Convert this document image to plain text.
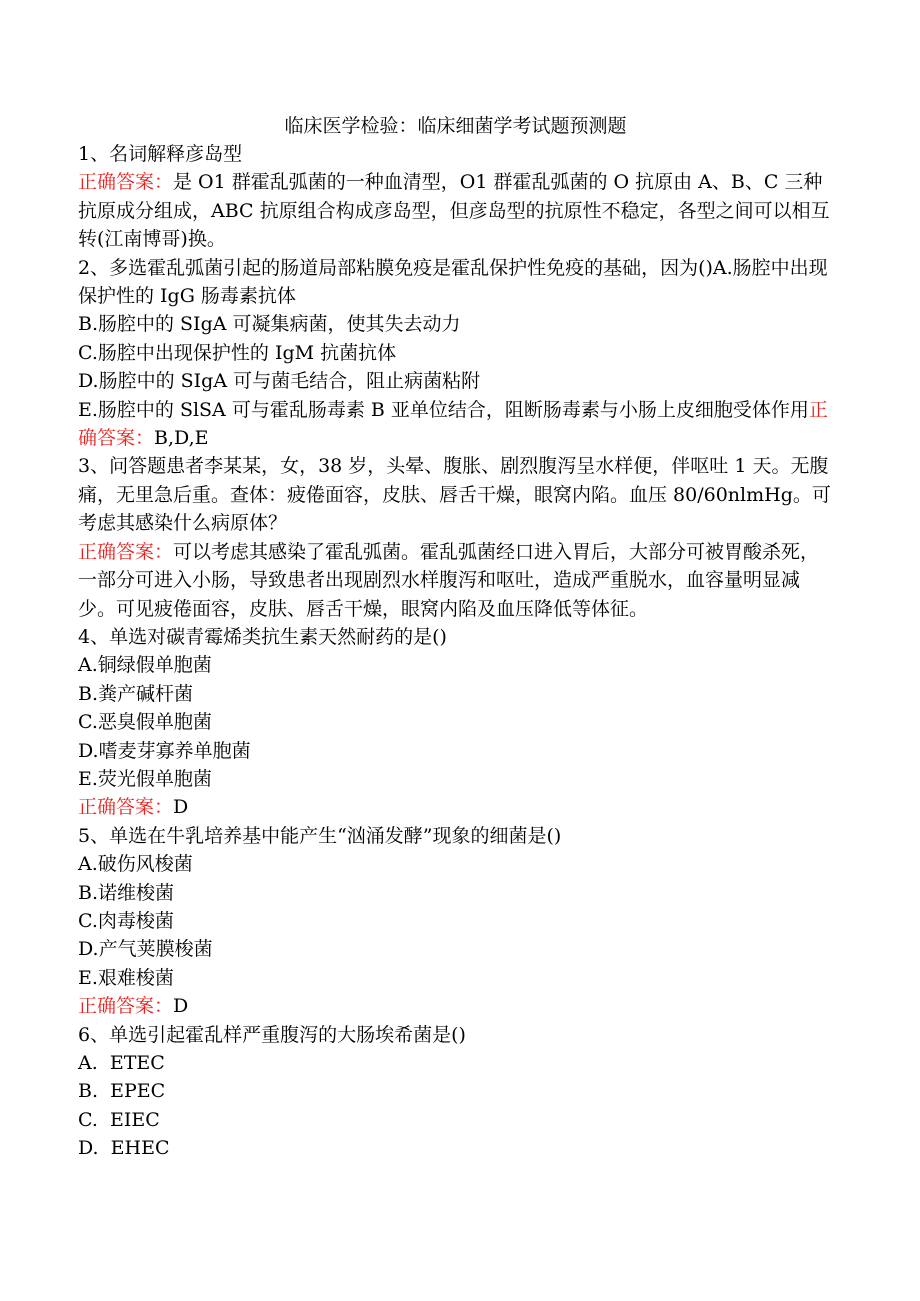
临床医学检验：临床细菌学考试题预测题

1、名词解释彦岛型

正确答案：是 O1 群霍乱弧菌的一种血清型，O1 群霍乱弧菌的 O 抗原由 A、B、C 三种抗原成分组成，ABC 抗原组合构成彦岛型，但彦岛型的抗原性不稳定，各型之间可以相互转(江南博哥)换。

2、多选霍乱弧菌引起的肠道局部粘膜免疫是霍乱保护性免疫的基础，因为()A.肠腔中出现保护性的 IgG 肠毒素抗体

B.肠腔中的 SIgA 可凝集病菌，使其失去动力

C.肠腔中出现保护性的 IgM 抗菌抗体

D.肠腔中的 SIgA 可与菌毛结合，阻止病菌粘附

E.肠腔中的 SlSA 可与霍乱肠毒素 B 亚单位结合，阻断肠毒素与小肠上皮细胞受体作用正确答案：B,D,E

3、问答题患者李某某，女，38 岁，头晕、腹胀、剧烈腹泻呈水样便，伴呕吐 1 天。无腹痛，无里急后重。查体：疲倦面容，皮肤、唇舌干燥，眼窝内陷。血压 80/60nlmHg。可考虑其感染什么病原体？

正确答案：可以考虑其感染了霍乱弧菌。霍乱弧菌经口进入胃后，大部分可被胃酸杀死，一部分可进入小肠，导致患者出现剧烈水样腹泻和呕吐，造成严重脱水，血容量明显减少。可见疲倦面容，皮肤、唇舌干燥，眼窝内陷及血压降低等体征。

4、单选对碳青霉烯类抗生素天然耐药的是()

A.铜绿假单胞菌

B.粪产碱杆菌

C.恶臭假单胞菌

D.嗜麦芽寡养单胞菌

E.荧光假单胞菌

正确答案：D

5、单选在牛乳培养基中能产生“汹涌发酵”现象的细菌是()

A.破伤风梭菌

B.诺维梭菌

C.肉毒梭菌

D.产气荚膜梭菌

E.艰难梭菌

正确答案：D

6、单选引起霍乱样严重腹泻的大肠埃希菌是()

A.  ETEC

B.  EPEC

C.  EIEC

D.  EHEC
